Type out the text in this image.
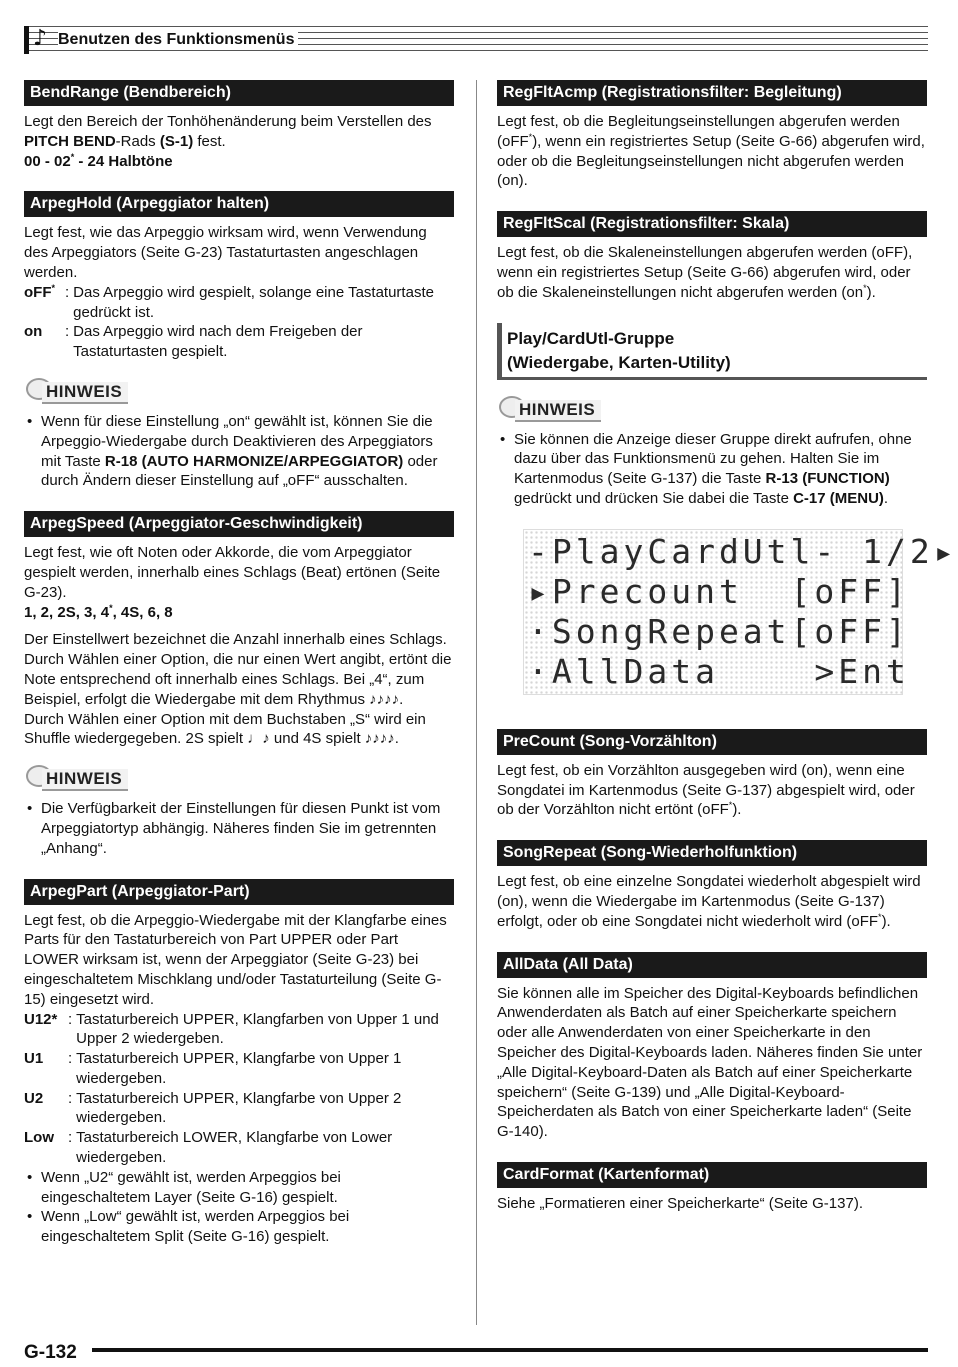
♪ Benutzen des Funktionsmenüs
BendRange (Bendbereich)

Legt den Bereich der Tonhöhenänderung beim Verstellen des PITCH BEND-Rads (S-1) fest.

00 - 02* - 24 Halbtöne

ArpegHold (Arpeggiator halten)

Legt fest, wie das Arpeggio wirksam wird, wenn Verwendung des Arpeggiators (Seite G-23) Tastaturtasten angeschlagen werden.

oFF* : Das Arpeggio wird gespielt, solange eine Tastaturtaste gedrückt ist.
on	: Das Arpeggio wird nach dem Freigeben der Tastaturtasten gespielt.
HINWEIS
• Wenn für diese Einstellung „on“ gewählt ist, können Sie die Arpeggio-Wiedergabe durch Deaktivieren des Arpeggiators mit Taste R-18 (AUTO HARMONIZE/ARPEGGIATOR) oder durch Ändern dieser Einstellung auf „oFF“ ausschalten.
ArpegSpeed (Arpeggiator-Geschwindigkeit)

Legt fest, wie oft Noten oder Akkorde, die vom Arpeggiator gespielt werden, innerhalb eines Schlags (Beat) ertönen (Seite G-23).

1, 2, 2S, 3, 4*, 4S, 6, 8

Der Einstellwert bezeichnet die Anzahl innerhalb eines Schlags. Durch Wählen einer Option, die nur einen Wert angibt, ertönt die Note entsprechend oft innerhalb eines Schlags. Bei „4“, zum Beispiel, erfolgt die Wiedergabe mit dem Rhythmus ♪♪♪♪.

Durch Wählen einer Option mit dem Buchstaben „S“ wird ein Shuffle wiedergegeben. 2S spielt ♩♪ und 4S spielt ♪♪♪♪.

HINWEIS
• Die Verfügbarkeit der Einstellungen für diesen Punkt ist vom Arpeggiatortyp abhängig. Näheres finden Sie im getrennten „Anhang“.
ArpegPart (Arpeggiator-Part)

Legt fest, ob die Arpeggio-Wiedergabe mit der Klangfarbe eines Parts für den Tastaturbereich von Part UPPER oder Part LOWER wirksam ist, wenn der Arpeggiator (Seite G-23) bei eingeschaltetem Mischklang und/oder Tastaturteilung (Seite G-15) eingesetzt wird.

U12* : Tastaturbereich UPPER, Klangfarben von Upper 1 und Upper 2 wiedergeben.
U1	: Tastaturbereich UPPER, Klangfarbe von Upper 1 wiedergeben.
U2	: Tastaturbereich UPPER, Klangfarbe von Upper 2 wiedergeben.
Low : Tastaturbereich LOWER, Klangfarbe von Lower wiedergeben.
• Wenn „U2“ gewählt ist, werden Arpeggios bei eingeschaltetem Layer (Seite G-16) gespielt.
• Wenn „Low“ gewählt ist, werden Arpeggios bei eingeschaltetem Split (Seite G-16) gespielt.
RegFltAcmp (Registrationsfilter: Begleitung)

Legt fest, ob die Begleitungseinstellungen abgerufen werden (oFF*), wenn ein registriertes Setup (Seite G-66) abgerufen wird, oder ob die Begleitungseinstellungen nicht abgerufen werden (on).

RegFltScal (Registrationsfilter: Skala)

Legt fest, ob die Skaleneinstellungen abgerufen werden (oFF), wenn ein registriertes Setup (Seite G-66) abgerufen wird, oder ob die Skaleneinstellungen nicht abgerufen werden (on*).

Play/CardUtl-Gruppe
(Wiedergabe, Karten-Utility)
HINWEIS
• Sie können die Anzeige dieser Gruppe direkt aufrufen, ohne dazu über das Funktionsmenü zu gehen. Halten Sie im Kartenmodus (Seite G-137) die Taste R-13 (FUNCTION) gedrückt und drücken Sie dabei die Taste C-17 (MENU).
-PlayCardUtl- 1/2▸
▸Precount  [oFF]
·SongRepeat[oFF]
·AllData    >Ent
PreCount (Song-Vorzählton)

Legt fest, ob ein Vorzählton ausgegeben wird (on), wenn eine Songdatei im Kartenmodus (Seite G-137) abgespielt wird, oder ob der Vorzählton nicht ertönt (oFF*).

SongRepeat (Song-Wiederholfunktion)

Legt fest, ob eine einzelne Songdatei wiederholt abgespielt wird (on), wenn die Wiedergabe im Kartenmodus (Seite G-137) erfolgt, oder ob eine Songdatei nicht wiederholt wird (oFF*).

AllData (All Data)

Sie können alle im Speicher des Digital-Keyboards befindlichen Anwenderdaten als Batch auf einer Speicherkarte speichern oder alle Anwenderdaten von einer Speicherkarte in den Speicher des Digital-Keyboards laden. Näheres finden Sie unter „Alle Digital-Keyboard-Daten als Batch auf einer Speicherkarte speichern“ (Seite G-139) und „Alle Digital-Keyboard-Speicherdaten als Batch von einer Speicherkarte laden“ (Seite G-140).

CardFormat (Kartenformat)

Siehe „Formatieren einer Speicherkarte“ (Seite G-137).

G-132
